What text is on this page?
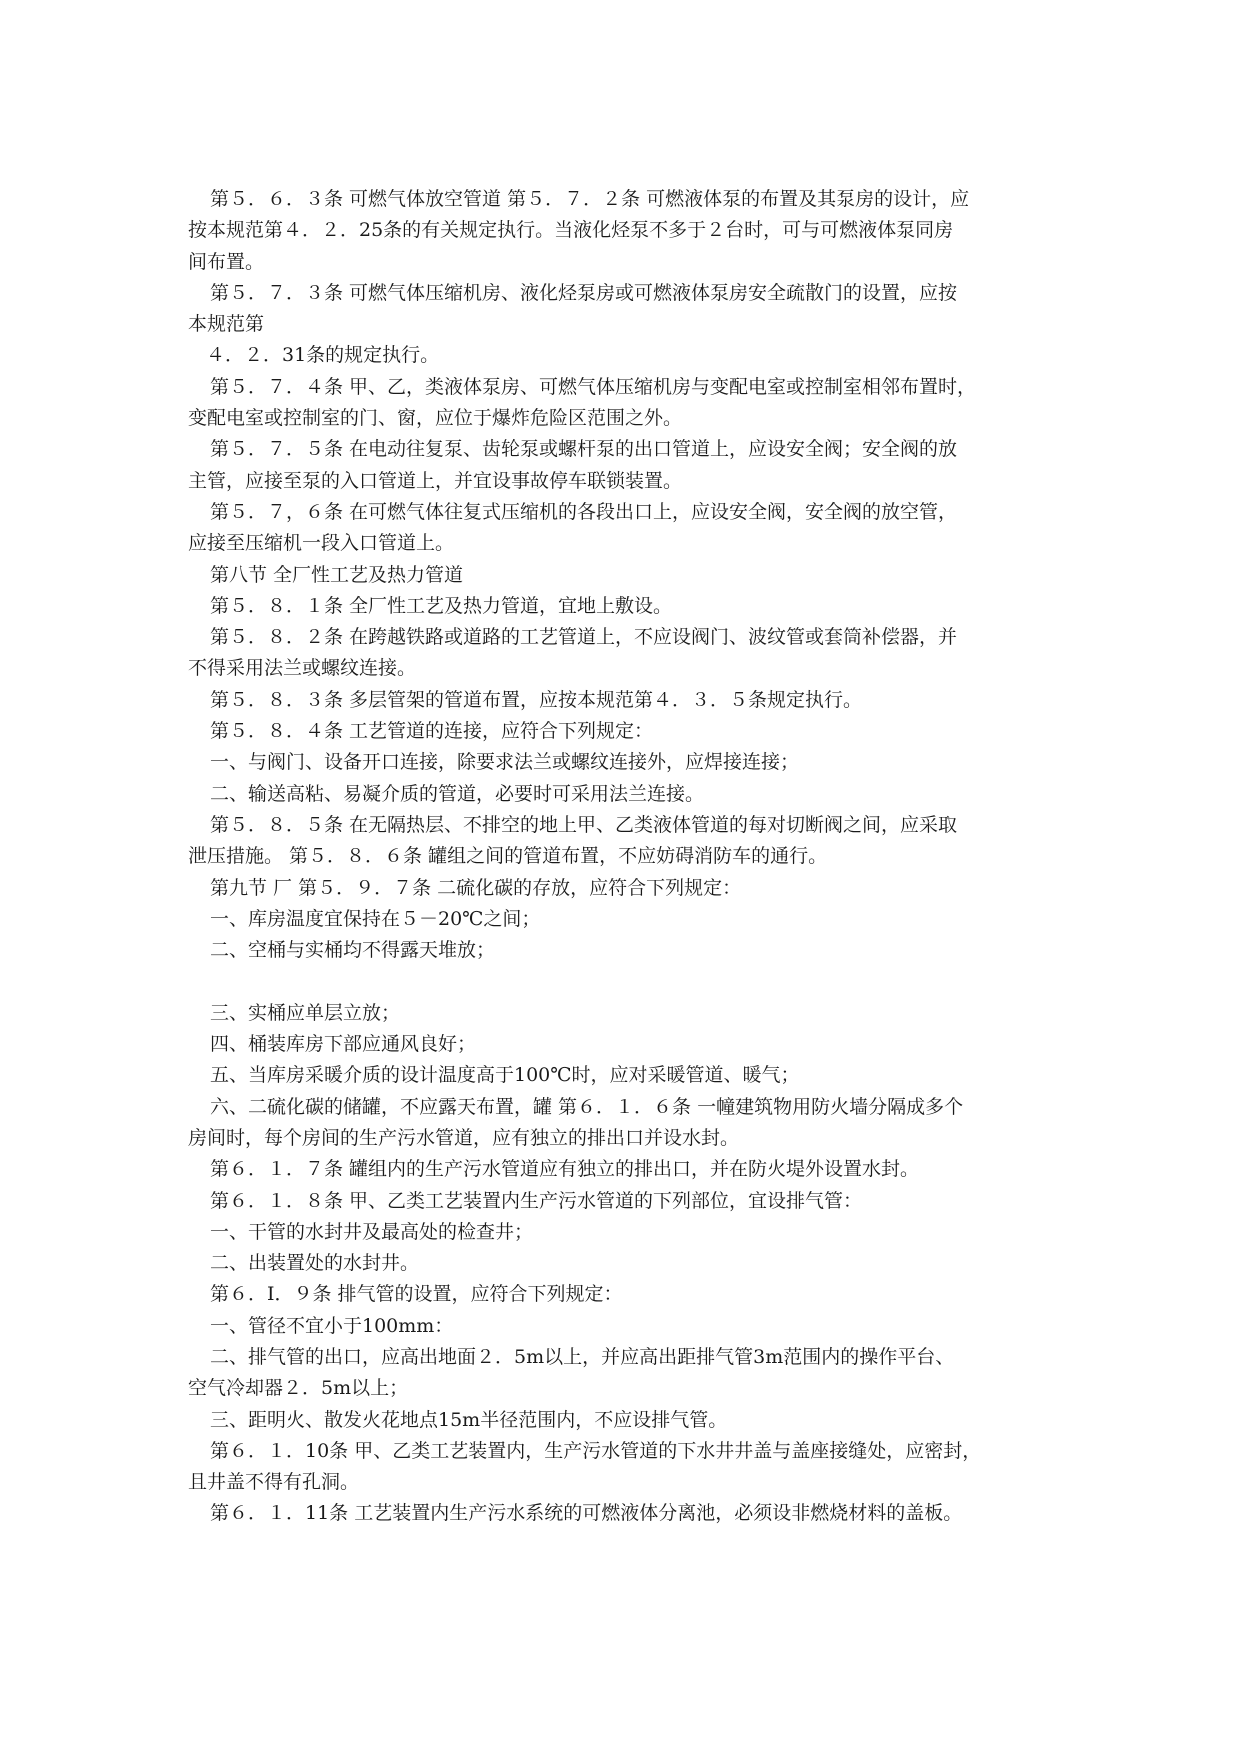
第５．６．３条 可燃气体放空管道 第５．７．２条 可燃液体泵的布置及其泵房的设计，应
按本规范第４．２．25条的有关规定执行。当液化烃泵不多于２台时，可与可燃液体泵同房
间布置。
第５．７．３条 可燃气体压缩机房、液化烃泵房或可燃液体泵房安全疏散门的设置，应按
本规范第
４．２．31条的规定执行。
第５．７．４条 甲、乙，类液体泵房、可燃气体压缩机房与变配电室或控制室相邻布置时，
变配电室或控制室的门、窗，应位于爆炸危险区范围之外。
第５．７．５条 在电动往复泵、齿轮泵或螺杆泵的出口管道上，应设安全阀；安全阀的放
主管，应接至泵的入口管道上，并宜设事故停车联锁装置。
第５．７，６条 在可燃气体往复式压缩机的各段出口上，应设安全阀，安全阀的放空管，
应接至压缩机一段入口管道上。
第八节 全厂性工艺及热力管道
第５．８．１条 全厂性工艺及热力管道，宜地上敷设。
第５．８．２条 在跨越铁路或道路的工艺管道上，不应设阀门、波纹管或套筒补偿器，并
不得采用法兰或螺纹连接。
第５．８．３条 多层管架的管道布置，应按本规范第４．３．５条规定执行。
第５．８．４条 工艺管道的连接，应符合下列规定：
一、与阀门、设备开口连接，除要求法兰或螺纹连接外，应焊接连接；
二、输送高粘、易凝介质的管道，必要时可采用法兰连接。
第５．８．５条 在无隔热层、不排空的地上甲、乙类液体管道的每对切断阀之间，应采取
泄压措施。 第５．８．６条 罐组之间的管道布置，不应妨碍消防车的通行。
第九节 厂 第５．９．７条 二硫化碳的存放，应符合下列规定：
一、库房温度宜保持在５－20℃之间；
二、空桶与实桶均不得露天堆放；
三、实桶应单层立放；
四、桶装库房下部应通风良好；
五、当库房采暖介质的设计温度高于100℃时，应对采暖管道、暖气；
六、二硫化碳的储罐，不应露天布置，罐 第６．１．６条 一幢建筑物用防火墙分隔成多个
房间时，每个房间的生产污水管道，应有独立的排出口并设水封。
第６．１．７条 罐组内的生产污水管道应有独立的排出口，并在防火堤外设置水封。
第６．１．８条 甲、乙类工艺装置内生产污水管道的下列部位，宜设排气管：
一、干管的水封井及最高处的检查井；
二、出装置处的水封井。
第６．I．９条 排气管的设置，应符合下列规定：
一、管径不宜小于100mm：
二、排气管的出口，应高出地面２．5m以上，并应高出距排气管3m范围内的操作平台、
空气冷却器２．5m以上；
三、距明火、散发火花地点15m半径范围内，不应设排气管。
第６．１．10条 甲、乙类工艺装置内，生产污水管道的下水井井盖与盖座接缝处，应密封，
且井盖不得有孔洞。
第６．１．11条 工艺装置内生产污水系统的可燃液体分离池，必须设非燃烧材料的盖板。
